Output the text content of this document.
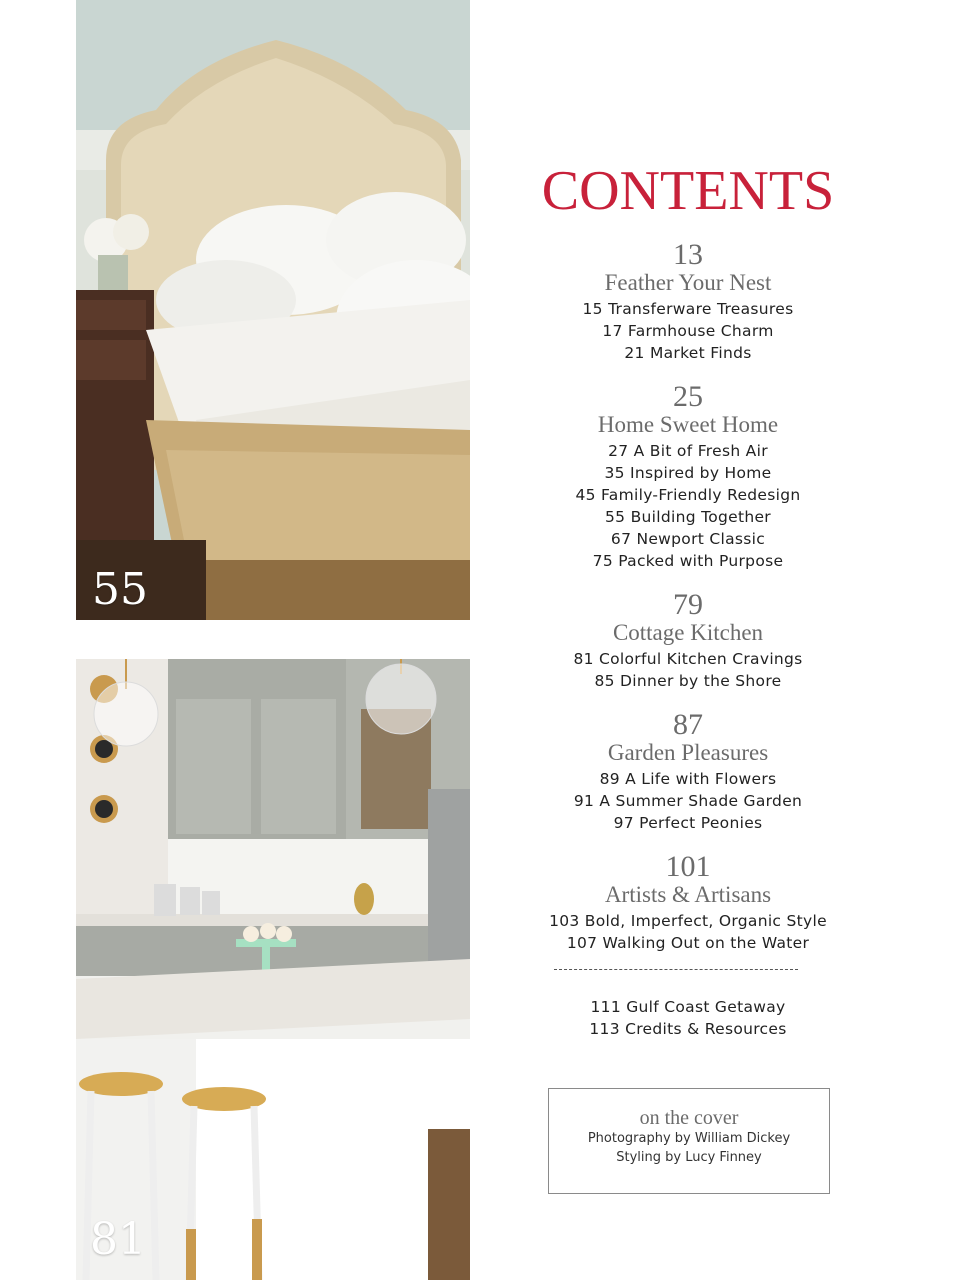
55
81
CONTENTS

13

Feather Your Nest

15 Transferware Treasures
17 Farmhouse Charm
21 Market Finds

25

Home Sweet Home

27 A Bit of Fresh Air
35 Inspired by Home
45 Family-Friendly Redesign
55 Building Together
67 Newport Classic
75 Packed with Purpose

79

Cottage Kitchen

81 Colorful Kitchen Cravings
85 Dinner by the Shore

87

Garden Pleasures

89 A Life with Flowers
91 A Summer Shade Garden
97 Perfect Peonies

101

Artists & Artisans

103 Bold, Imperfect, Organic Style
107 Walking Out on the Water
111 Gulf Coast Getaway
113 Credits & Resources
on the cover
Photography by William Dickey
Styling by Lucy Finney
